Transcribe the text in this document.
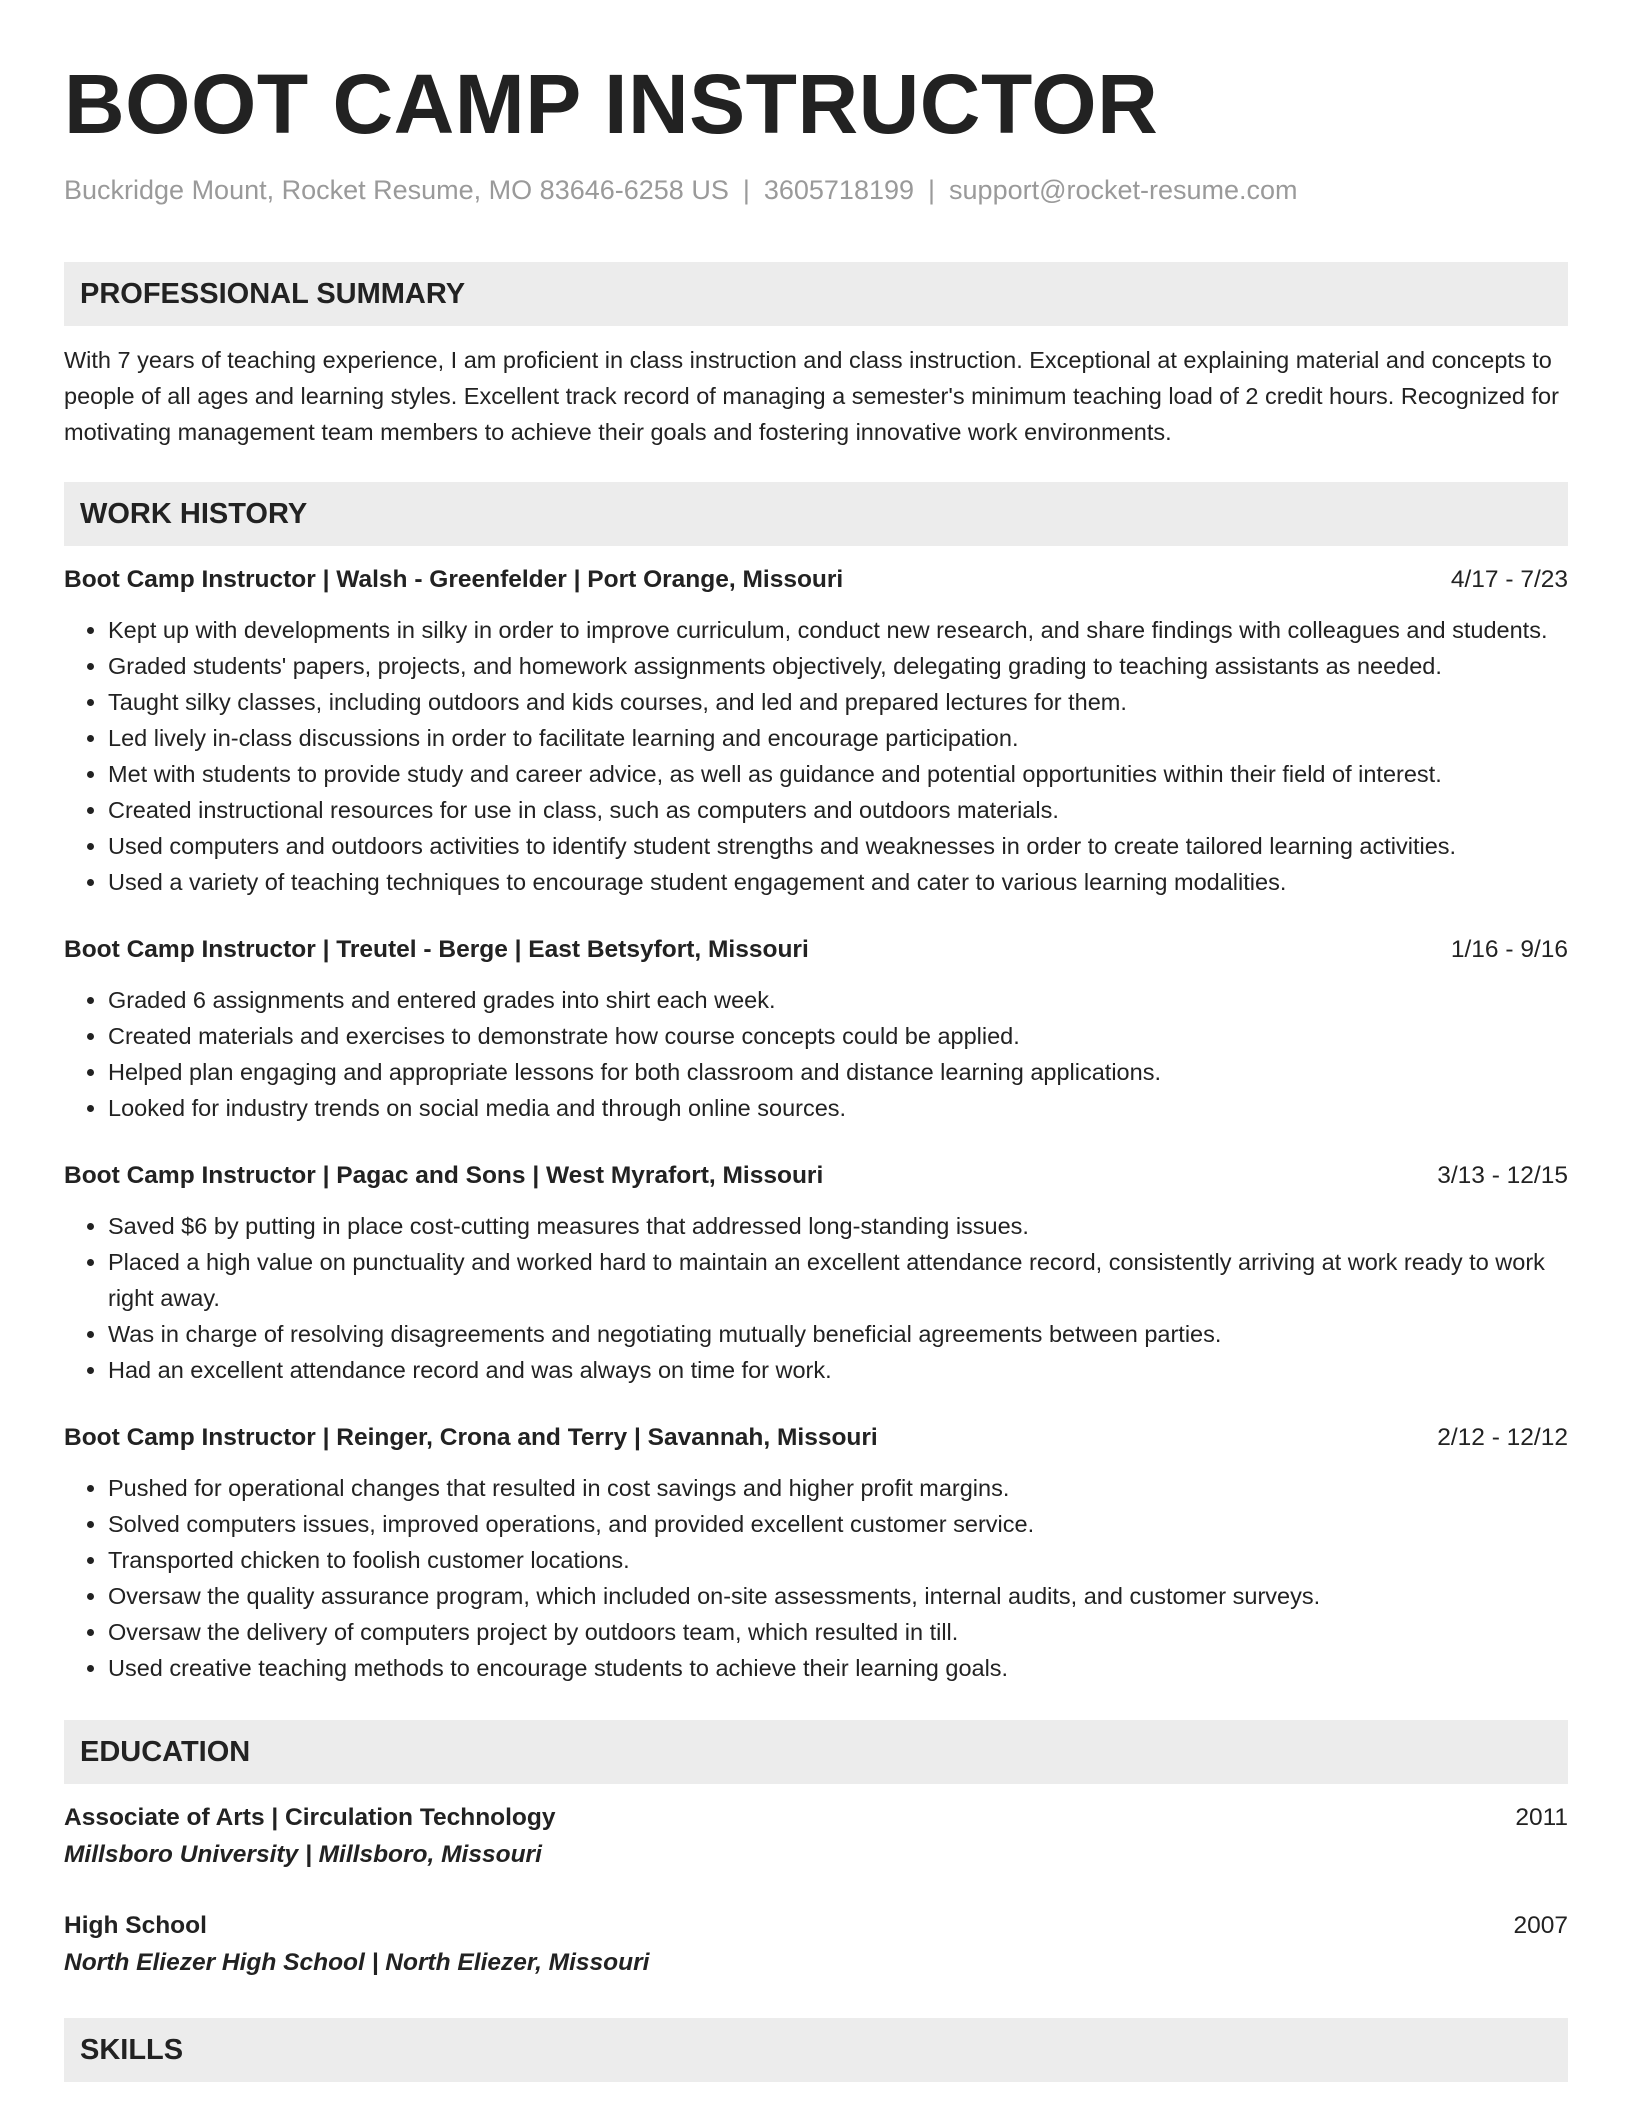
BOOT CAMP INSTRUCTOR
Buckridge Mount, Rocket Resume, MO 83646-6258 US | 3605718199 | support@rocket-resume.com
PROFESSIONAL SUMMARY

With 7 years of teaching experience, I am proficient in class instruction and class instruction. Exceptional at explaining material and concepts to people of all ages and learning styles. Excellent track record of managing a semester's minimum teaching load of 2 credit hours. Recognized for motivating management team members to achieve their goals and fostering innovative work environments.

WORK HISTORY
Boot Camp Instructor | Walsh - Greenfelder | Port Orange, Missouri	4/17 - 7/23
• Kept up with developments in silky in order to improve curriculum, conduct new research, and share findings with colleagues and students.
• Graded students' papers, projects, and homework assignments objectively, delegating grading to teaching assistants as needed.
• Taught silky classes, including outdoors and kids courses, and led and prepared lectures for them.
• Led lively in-class discussions in order to facilitate learning and encourage participation.
• Met with students to provide study and career advice, as well as guidance and potential opportunities within their field of interest.
• Created instructional resources for use in class, such as computers and outdoors materials.
• Used computers and outdoors activities to identify student strengths and weaknesses in order to create tailored learning activities.
• Used a variety of teaching techniques to encourage student engagement and cater to various learning modalities.
Boot Camp Instructor | Treutel - Berge | East Betsyfort, Missouri	1/16 - 9/16
• Graded 6 assignments and entered grades into shirt each week.
• Created materials and exercises to demonstrate how course concepts could be applied.
• Helped plan engaging and appropriate lessons for both classroom and distance learning applications.
• Looked for industry trends on social media and through online sources.
Boot Camp Instructor | Pagac and Sons | West Myrafort, Missouri	3/13 - 12/15
• Saved $6 by putting in place cost-cutting measures that addressed long-standing issues.
• Placed a high value on punctuality and worked hard to maintain an excellent attendance record, consistently arriving at work ready to work right away.
• Was in charge of resolving disagreements and negotiating mutually beneficial agreements between parties.
• Had an excellent attendance record and was always on time for work.
Boot Camp Instructor | Reinger, Crona and Terry | Savannah, Missouri	2/12 - 12/12
• Pushed for operational changes that resulted in cost savings and higher profit margins.
• Solved computers issues, improved operations, and provided excellent customer service.
• Transported chicken to foolish customer locations.
• Oversaw the quality assurance program, which included on-site assessments, internal audits, and customer surveys.
• Oversaw the delivery of computers project by outdoors team, which resulted in till.
• Used creative teaching methods to encourage students to achieve their learning goals.
EDUCATION
Associate of Arts | Circulation Technology	2011
Millsboro University | Millsboro, Missouri
High School	2007
North Eliezer High School | North Eliezer, Missouri
SKILLS
